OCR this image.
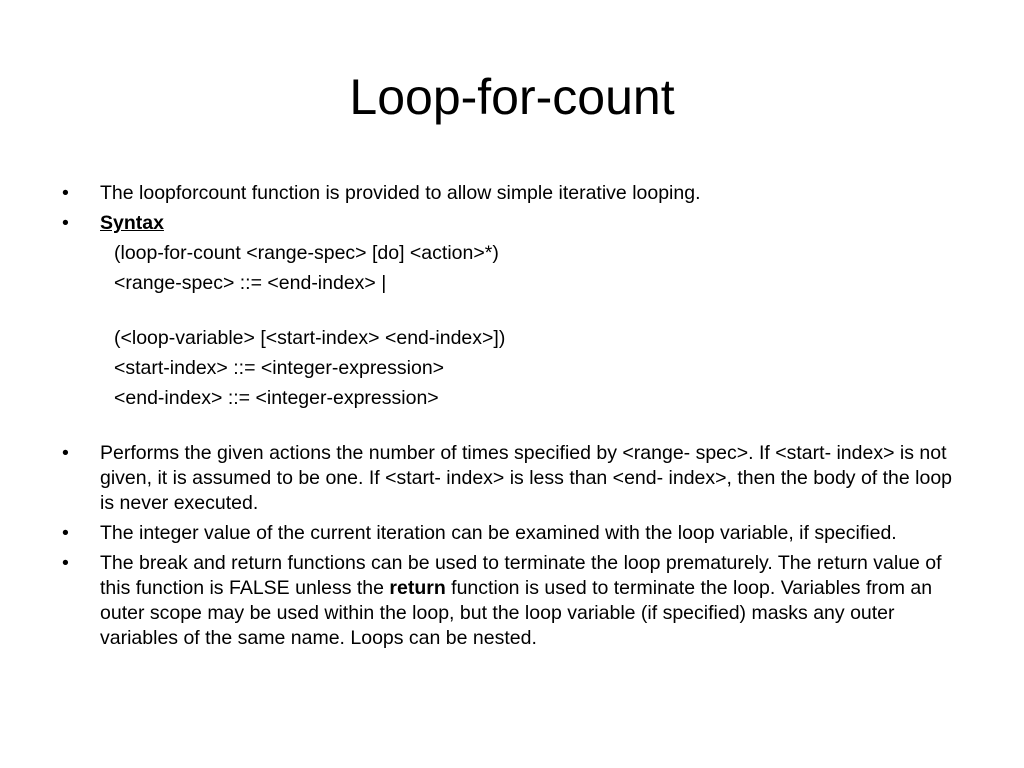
Loop-for-count
• The loopforcount function is provided to allow simple iterative looping.
• Syntax
(loop-for-count <range-spec> [do] <action>*)
<range-spec> ::= <end-index> |
(<loop-variable> [<start-index> <end-index>])
<start-index> ::= <integer-expression>
<end-index> ::= <integer-expression>
• Performs the given actions the number of times specified by <range- spec>. If <start- index> is not given, it is assumed to be one. If <start- index> is less than <end- index>, then the body of the loop is never executed.
• The integer value of the current iteration can be examined with the loop variable, if specified.
• The break and return functions can be used to terminate the loop prematurely. The return value of this function is FALSE unless the return function is used to terminate the loop. Variables from an outer scope may be used within the loop, but the loop variable (if specified) masks any outer variables of the same name. Loops can be nested.
